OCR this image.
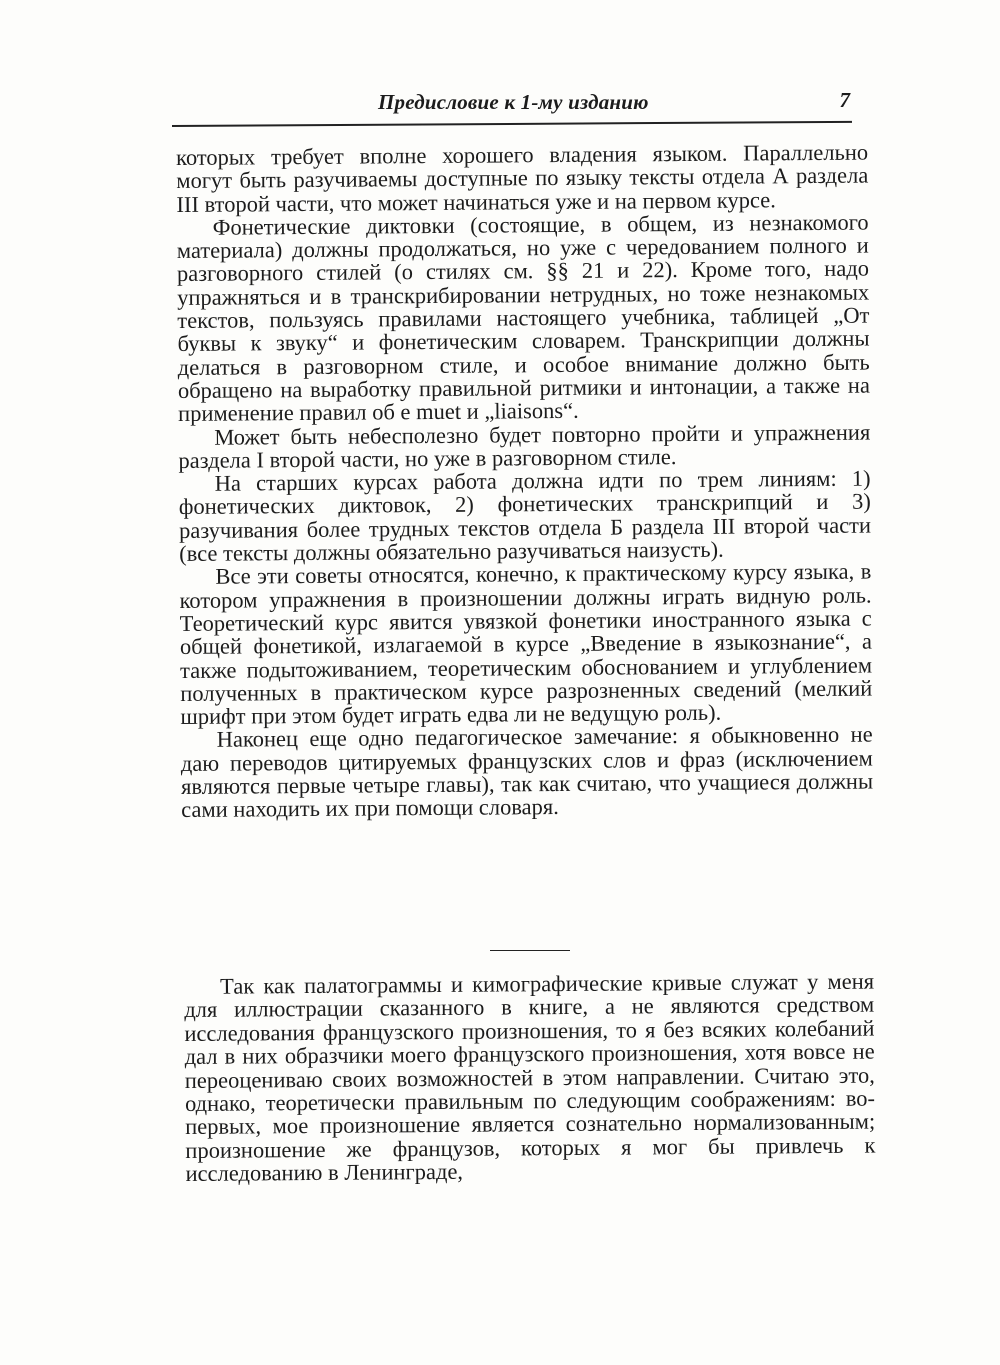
Предисловие к 1-му изданию	7

которых требует вполне хорошего владения языком. Параллельно могут быть разучиваемы доступные по языку тексты отдела А раздела III второй части, что может начинаться уже и на первом курсе.

Фонетические диктовки (состоящие, в общем, из незнакомого материала) должны продолжаться, но уже с чередованием полного и разговорного стилей (о стилях см. §§ 21 и 22). Кроме того, надо упражняться и в транскрибировании нетрудных, но тоже незнакомых текстов, пользуясь правилами настоящего учебника, таблицей „От буквы к звуку“ и фонетическим словарем. Транскрипции должны делаться в разговорном стиле, и особое внимание должно быть обращено на выработку правильной ритмики и интонации, а также на применение правил об e muet и „liaisons“.

Может быть небесполезно будет повторно пройти и упражнения раздела I второй части, но уже в разговорном стиле.

На старших курсах работа должна идти по трем линиям: 1) фонетических диктовок, 2) фонетических транскрипций и 3) разучивания более трудных текстов отдела Б раздела III второй части (все тексты должны обязательно разучиваться наизусть).

Все эти советы относятся, конечно, к практическому курсу языка, в котором упражнения в произношении должны играть видную роль. Теоретический курс явится увязкой фонетики иностранного языка с общей фонетикой, излагаемой в курсе „Введение в языкознание“, а также подытоживанием, теоретическим обоснованием и углублением полученных в практическом курсе разрозненных сведений (мелкий шрифт при этом будет играть едва ли не ведущую роль).

Наконец еще одно педагогическое замечание: я обыкновенно не даю переводов цитируемых французских слов и фраз (исключением являются первые четыре главы), так как считаю, что учащиеся должны сами находить их при помощи словаря.

Так как палатограммы и кимографические кривые служат у меня для иллюстрации сказанного в книге, а не являются средством исследования французского произношения, то я без всяких колебаний дал в них образчики моего французского произношения, хотя вовсе не переоцениваю своих возможностей в этом направлении. Считаю это, однако, теоретически правильным по следующим соображениям: во-первых, мое произношение является сознательно нормализованным; произношение же французов, которых я мог бы привлечь к исследованию в Ленинграде,
